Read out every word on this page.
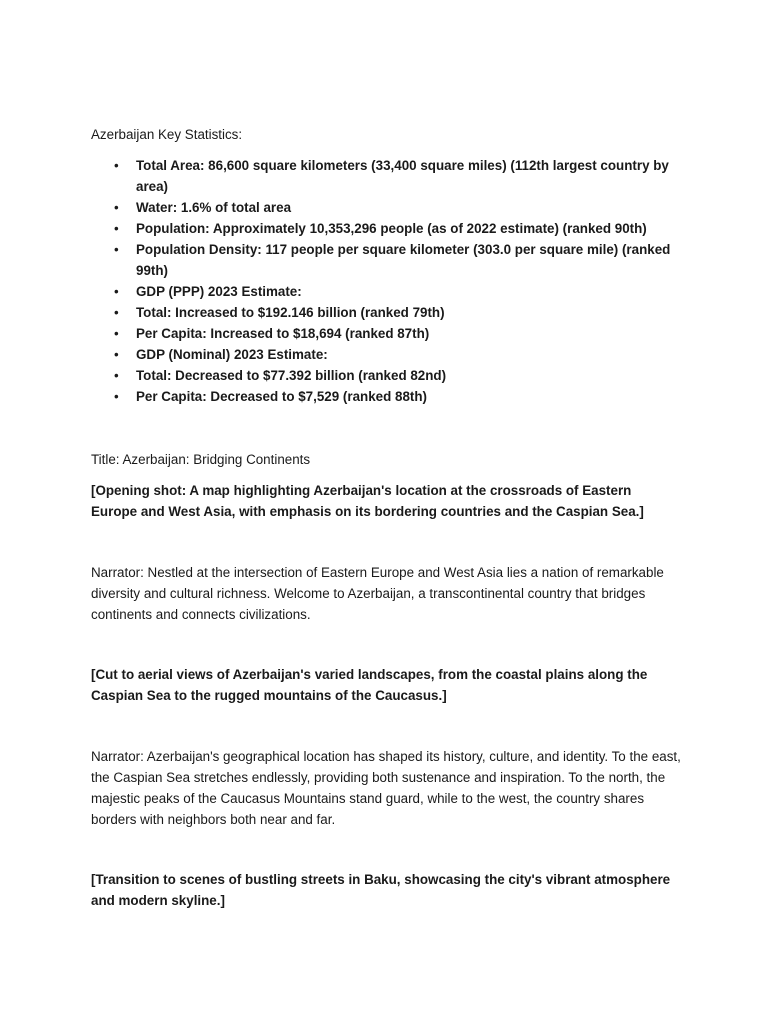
Azerbaijan Key Statistics:

• Total Area: 86,600 square kilometers (33,400 square miles) (112th largest country by area)
• Water: 1.6% of total area
• Population: Approximately 10,353,296 people (as of 2022 estimate) (ranked 90th)
• Population Density: 117 people per square kilometer (303.0 per square mile) (ranked 99th)
• GDP (PPP) 2023 Estimate:
• Total: Increased to $192.146 billion (ranked 79th)
• Per Capita: Increased to $18,694 (ranked 87th)
• GDP (Nominal) 2023 Estimate:
• Total: Decreased to $77.392 billion (ranked 82nd)
• Per Capita: Decreased to $7,529 (ranked 88th)

Title: Azerbaijan: Bridging Continents

[Opening shot: A map highlighting Azerbaijan's location at the crossroads of Eastern Europe and West Asia, with emphasis on its bordering countries and the Caspian Sea.]

Narrator: Nestled at the intersection of Eastern Europe and West Asia lies a nation of remarkable diversity and cultural richness. Welcome to Azerbaijan, a transcontinental country that bridges continents and connects civilizations.

[Cut to aerial views of Azerbaijan's varied landscapes, from the coastal plains along the Caspian Sea to the rugged mountains of the Caucasus.]

Narrator: Azerbaijan's geographical location has shaped its history, culture, and identity. To the east, the Caspian Sea stretches endlessly, providing both sustenance and inspiration. To the north, the majestic peaks of the Caucasus Mountains stand guard, while to the west, the country shares borders with neighbors both near and far.

[Transition to scenes of bustling streets in Baku, showcasing the city's vibrant atmosphere and modern skyline.]
